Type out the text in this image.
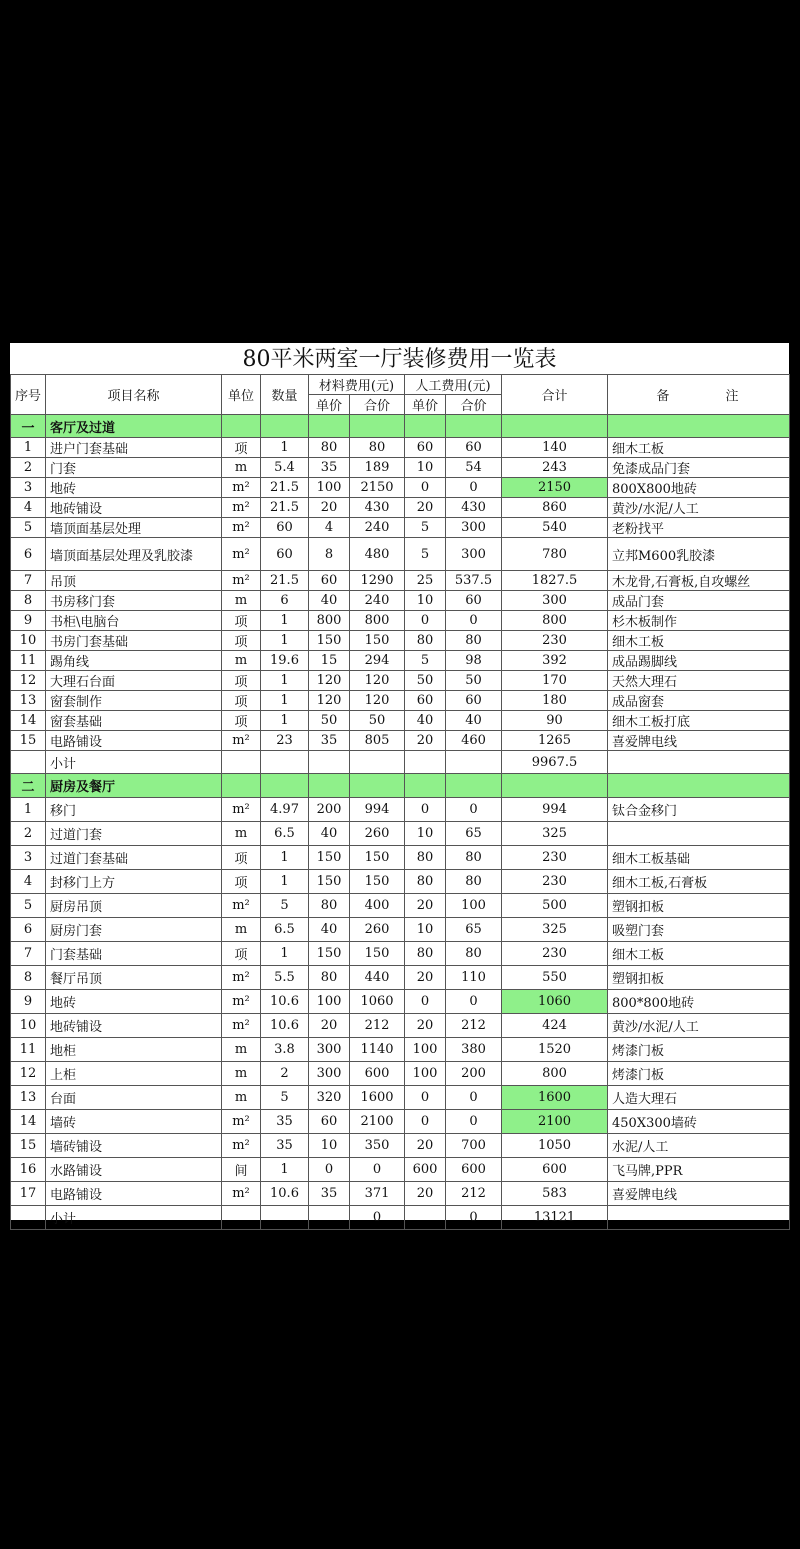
80平米两室一厅装修费用一览表
序号	项目名称	单位	数量	材料费用(元)		人工费用(元)		合计	备 注
				单价	合价	单价	合价		
一	客厅及过道								
1	进户门套基础	项	1	80	80	60	60	140	细木工板
2	门套	m	5.4	35	189	10	54	243	免漆成品门套
3	地砖	m²	21.5	100	2150	0	0	2150	800X800地砖
4	地砖铺设	m²	21.5	20	430	20	430	860	黄沙/水泥/人工
5	墙顶面基层处理	m²	60	4	240	5	300	540	老粉找平
6	墙顶面基层处理及乳胶漆	m²	60	8	480	5	300	780	立邦M600乳胶漆
7	吊顶	m²	21.5	60	1290	25	537.5	1827.5	木龙骨,石膏板,自攻螺丝
8	书房移门套	m	6	40	240	10	60	300	成品门套
9	书柜\电脑台	项	1	800	800	0	0	800	杉木板制作
10	书房门套基础	项	1	150	150	80	80	230	细木工板
11	踢角线	m	19.6	15	294	5	98	392	成品踢脚线
12	大理石台面	项	1	120	120	50	50	170	天然大理石
13	窗套制作	项	1	120	120	60	60	180	成品窗套
14	窗套基础	项	1	50	50	40	40	90	细木工板打底
15	电路铺设	m²	23	35	805	20	460	1265	喜爱牌电线
	小计							9967.5	
二	厨房及餐厅								
1	移门	m²	4.97	200	994	0	0	994	钛合金移门
2	过道门套	m	6.5	40	260	10	65	325	
3	过道门套基础	项	1	150	150	80	80	230	细木工板基础
4	封移门上方	项	1	150	150	80	80	230	细木工板,石膏板
5	厨房吊顶	m²	5	80	400	20	100	500	塑钢扣板
6	厨房门套	m	6.5	40	260	10	65	325	吸塑门套
7	门套基础	项	1	150	150	80	80	230	细木工板
8	餐厅吊顶	m²	5.5	80	440	20	110	550	塑钢扣板
9	地砖	m²	10.6	100	1060	0	0	1060	800*800地砖
10	地砖铺设	m²	10.6	20	212	20	212	424	黄沙/水泥/人工
11	地柜	m	3.8	300	1140	100	380	1520	烤漆门板
12	上柜	m	2	300	600	100	200	800	烤漆门板
13	台面	m	5	320	1600	0	0	1600	人造大理石
14	墙砖	m²	35	60	2100	0	0	2100	450X300墙砖
15	墙砖铺设	m²	35	10	350	20	700	1050	水泥/人工
16	水路铺设	间	1	0	0	600	600	600	飞马牌,PPR
17	电路铺设	m²	10.6	35	371	20	212	583	喜爱牌电线
	小计				0		0	13121	
